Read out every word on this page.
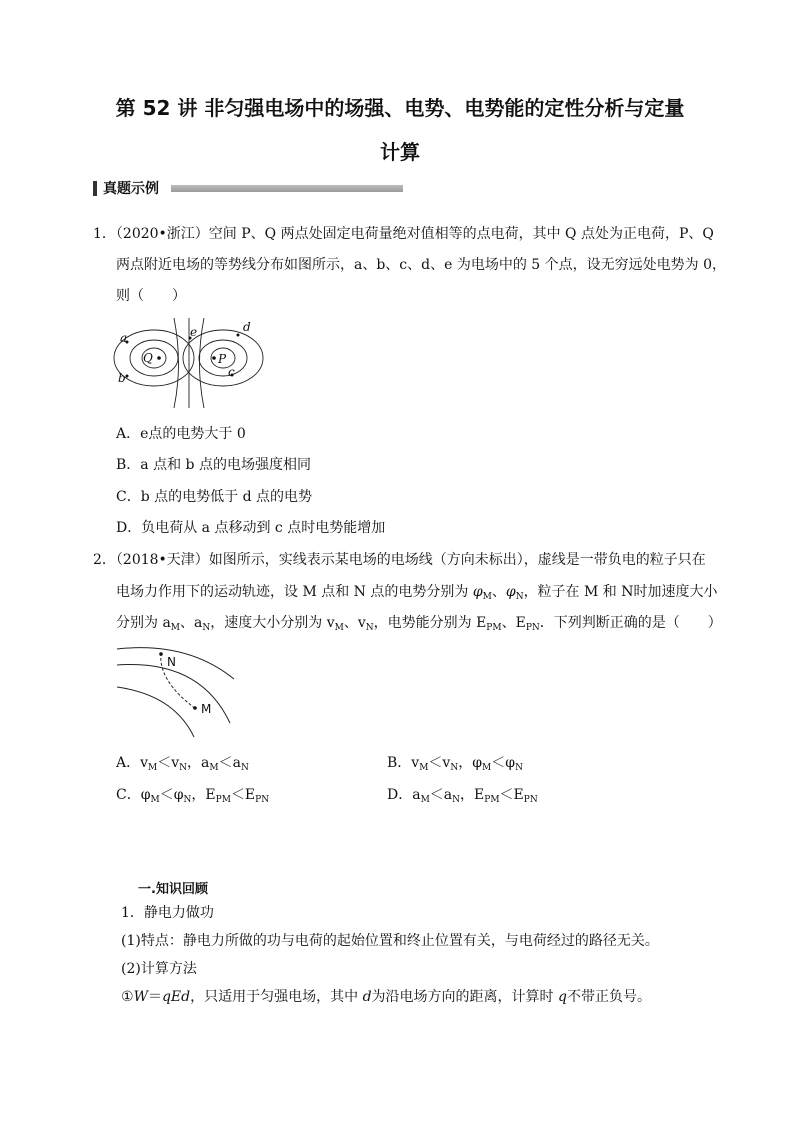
第 52 讲 非匀强电场中的场强、电势、电势能的定性分析与定量
计算
真题示例
1．（2020•浙江）空间 P、Q 两点处固定电荷量绝对值相等的点电荷，其中 Q 点处为正电荷，P、Q
两点附近电场的等势线分布如图所示，a、b、c、d、e 为电场中的 5 个点，设无穷远处电势为 0，
则（　　）
a
b	c
d
e
Q	P
A．e点的电势大于 0
B．a 点和 b 点的电场强度相同
C．b 点的电势低于 d 点的电势
D．负电荷从 a 点移动到 c 点时电势能增加
2．（2018•天津）如图所示，实线表示某电场的电场线（方向未标出），虚线是一带负电的粒子只在
电场力作用下的运动轨迹，设 M 点和 N 点的电势分别为 $\varphi_M$、$\varphi_N$，粒子在 M 和 N时加速度大小
分别为 $a_M$、$a_N$，速度大小分别为 $v_M$、$v_N$，电势能分别为 $E_{PM}$、$E_{PN}$．下列判断正确的是（　　）
N
M
A．$v_M<v_N$，$a_M<a_N$	B．$v_M<v_N$，$\varphi_M<\varphi_N$
C．$\varphi_M<\varphi_N$，$E_{PM}<E_{PN}$	D．$a_M<a_N$，$E_{PM}<E_{PN}$
一.知识回顾
1．静电力做功
(1)特点：静电力所做的功与电荷的起始位置和终止位置有关，与电荷经过的路径无关。
(2)计算方法
①W＝qEd，只适用于匀强电场，其中 d为沿电场方向的距离，计算时 q不带正负号。
